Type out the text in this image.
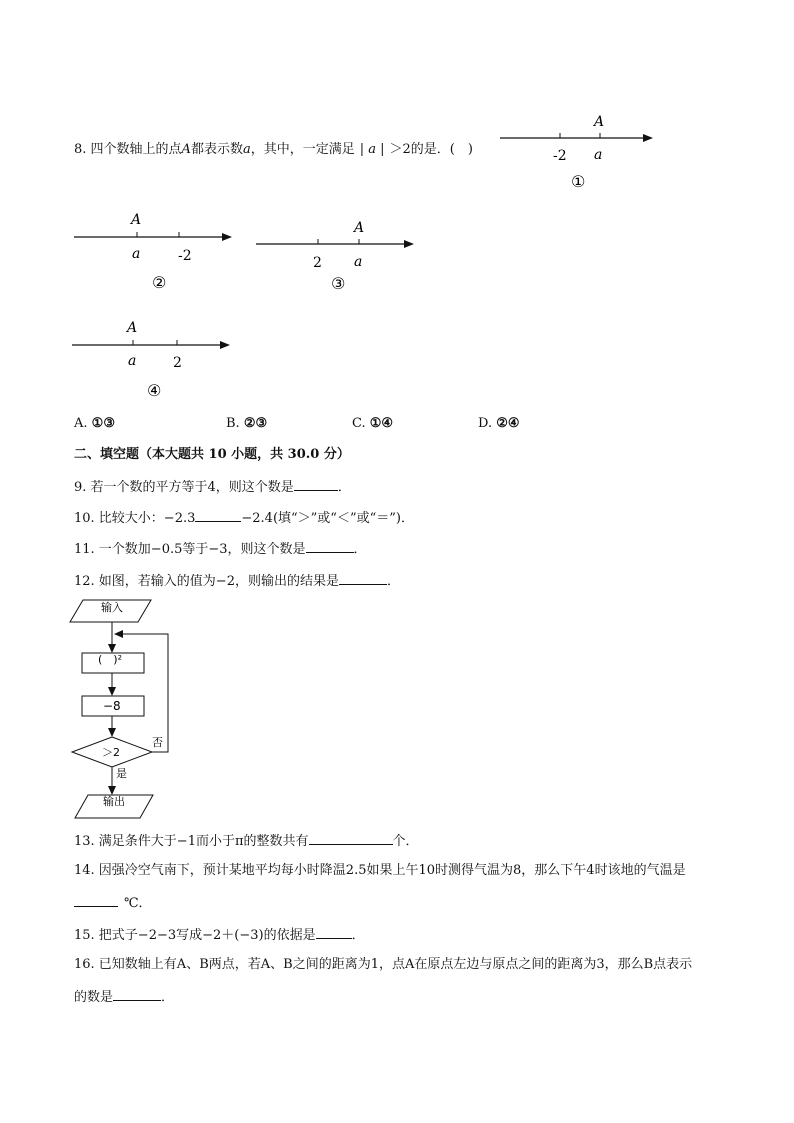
8. 四个数轴上的点A都表示数a，其中，一定满足 | a | ＞2的是．(　)
A
-2 a
①
A
a	-2
②
A
2 a
③
A
a	2
④
A. ①③	B. ②③	C. ①④	D. ②④
二、填空题（本大题共 10 小题，共 30.0 分）
9. 若一个数的平方等于4，则这个数是	．
10. 比较大小：−2.3	−2.4(填“＞”或“＜”或“＝”)．
11. 一个数加−0.5等于−3，则这个数是	．
12. 如图，若输入的值为−2，则输出的结果是	．
输入
(　)²
−8
＞2
否
是
输出
13. 满足条件大于−1而小于π的整数共有	个．
14. 因强冷空气南下，预计某地平均每小时降温2.5如果上午10时测得气温为8，那么下午4时该地的气温是
℃．
15. 把式子−2−3写成−2＋(−3)的依据是	．
16. 已知数轴上有A、B两点，若A、B之间的距离为1，点A在原点左边与原点之间的距离为3，那么B点表示
的数是	．
